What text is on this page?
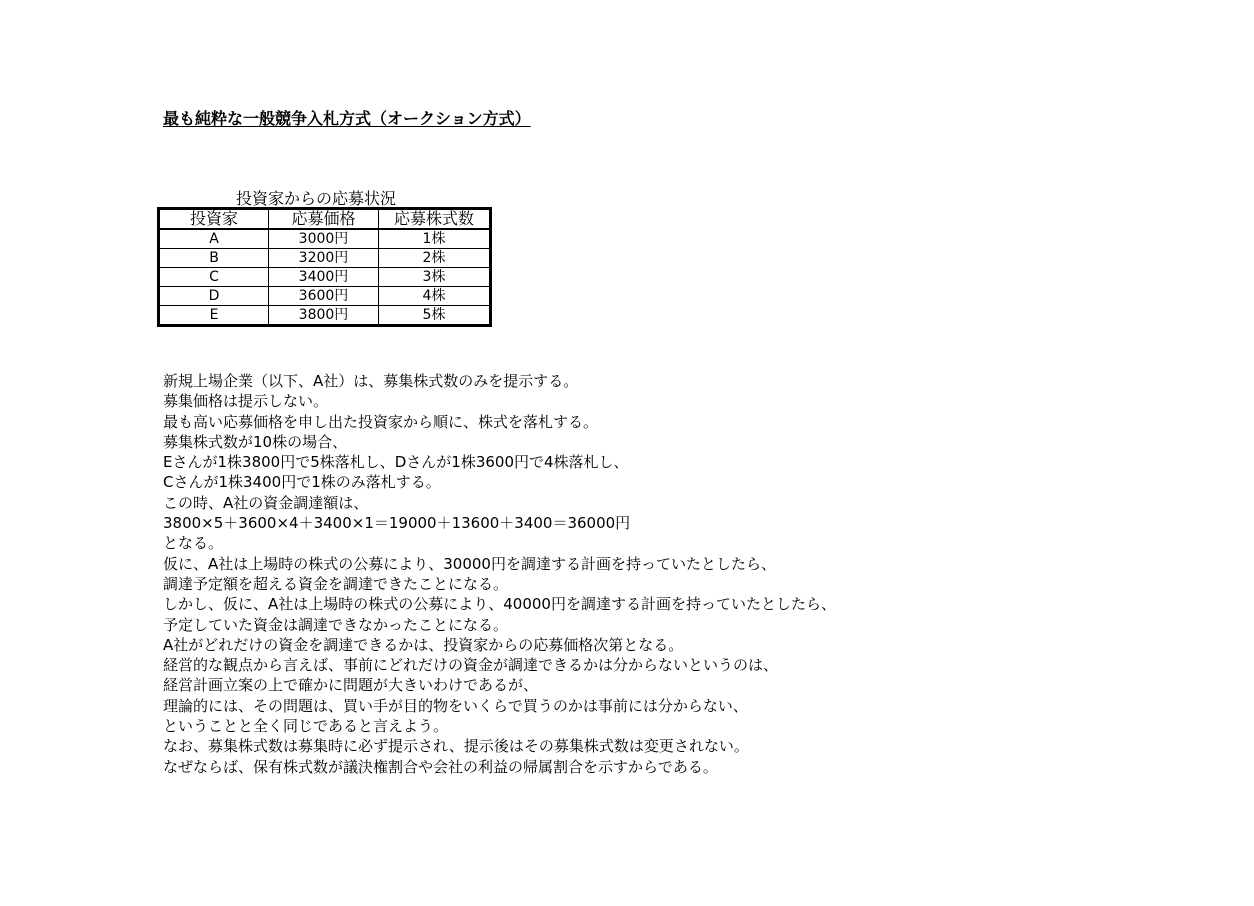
最も純粋な一般競争入札方式（オークション方式）
投資家からの応募状況
投資家	応募価格	応募株式数
A	3000円	1株
B	3200円	2株
C	3400円	3株
D	3600円	4株
E	3800円	5株
新規上場企業（以下、A社）は、募集株式数のみを提示する。
募集価格は提示しない。
最も高い応募価格を申し出た投資家から順に、株式を落札する。
募集株式数が10株の場合、
Eさんが1株3800円で5株落札し、Dさんが1株3600円で4株落札し、
Cさんが1株3400円で1株のみ落札する。
この時、A社の資金調達額は、
3800×5＋3600×4＋3400×1＝19000＋13600＋3400＝36000円
となる。
仮に、A社は上場時の株式の公募により、30000円を調達する計画を持っていたとしたら、
調達予定額を超える資金を調達できたことになる。
しかし、仮に、A社は上場時の株式の公募により、40000円を調達する計画を持っていたとしたら、
予定していた資金は調達できなかったことになる。
A社がどれだけの資金を調達できるかは、投資家からの応募価格次第となる。
経営的な観点から言えば、事前にどれだけの資金が調達できるかは分からないというのは、
経営計画立案の上で確かに問題が大きいわけであるが、
理論的には、その問題は、買い手が目的物をいくらで買うのかは事前には分からない、
ということと全く同じであると言えよう。
なお、募集株式数は募集時に必ず提示され、提示後はその募集株式数は変更されない。
なぜならば、保有株式数が議決権割合や会社の利益の帰属割合を示すからである。
